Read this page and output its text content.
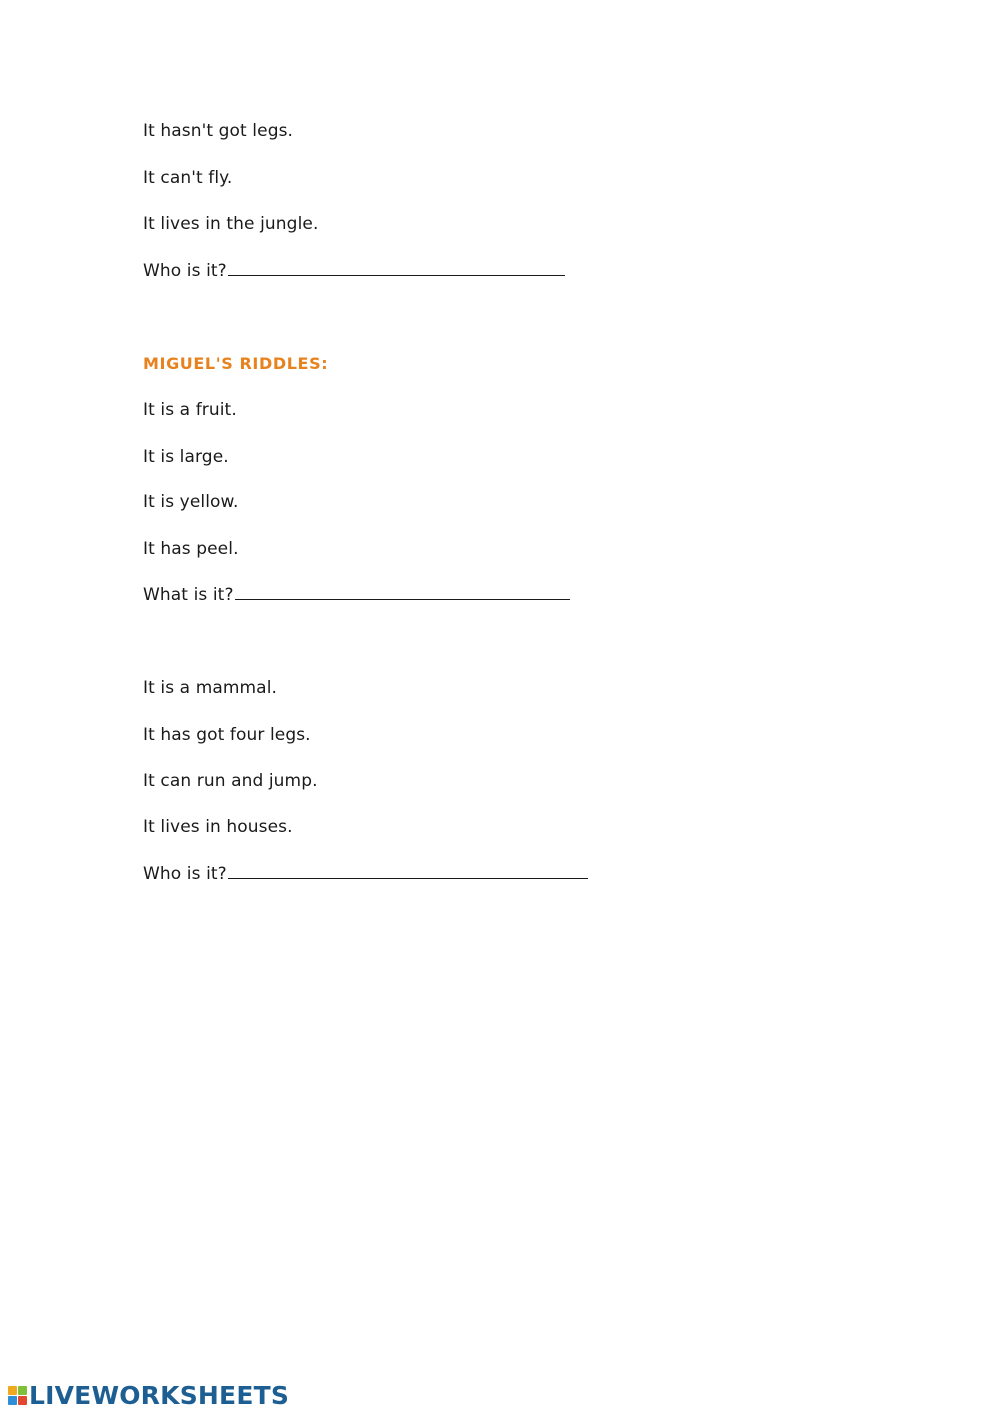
It hasn't got legs.
It can't fly.
It lives in the jungle.
Who is it?
MIGUEL'S RIDDLES:
It is a fruit.
It is large.
It is yellow.
It has peel.
What is it?
It is a mammal.
It has got four legs.
It can run and jump.
It lives in houses.
Who is it?
LIVEWORKSHEETS
